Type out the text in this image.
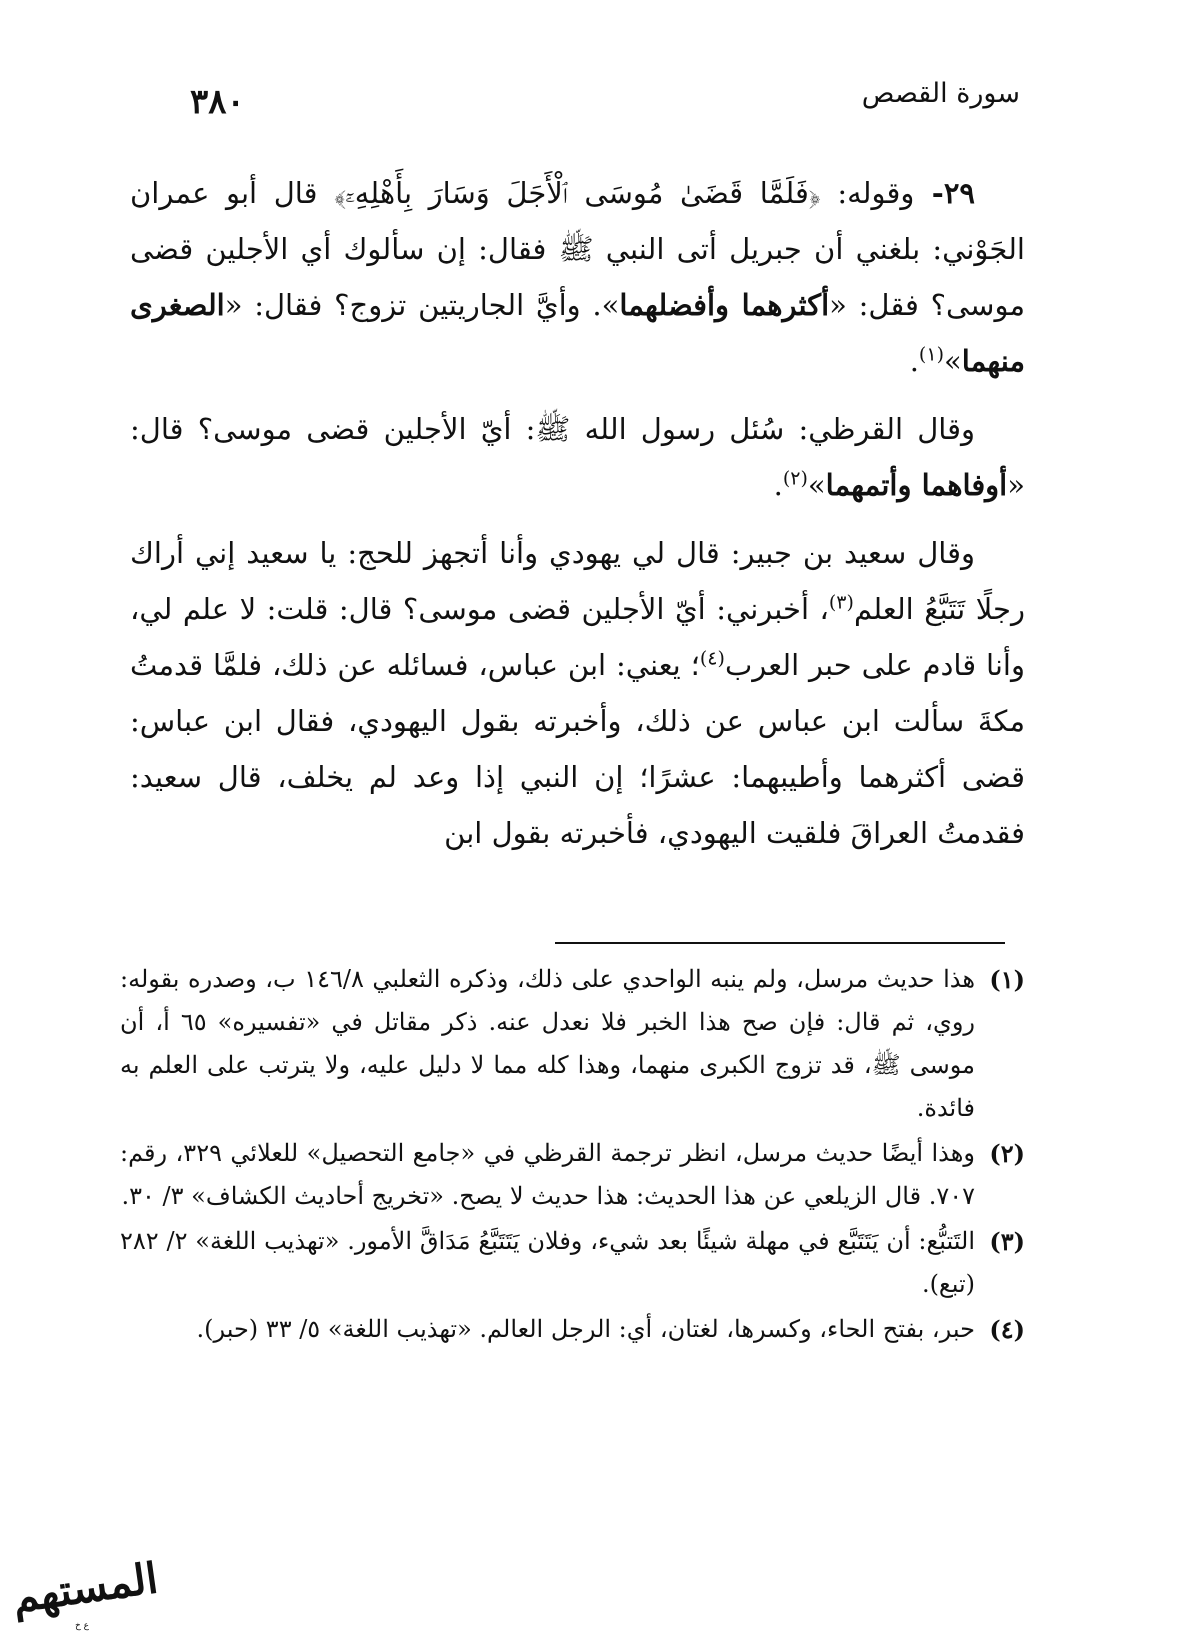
سورة القصص
٣٨٠

٢٩- وقوله: ﴿فَلَمَّا قَضَىٰ مُوسَى ٱلْأَجَلَ وَسَارَ بِأَهْلِهِۦٓ﴾ قال أبو عمران الجَوْني: بلغني أن جبريل أتى النبي ﷺ فقال: إن سألوك أي الأجلين قضى موسى؟ فقل: «أكثرهما وأفضلهما». وأيَّ الجاريتين تزوج؟ فقال: «الصغرى منهما»$^{(١)}$.

وقال القرظي: سُئل رسول الله ﷺ: أيّ الأجلين قضى موسى؟ قال: «أوفاهما وأتمهما»$^{(٢)}$.

وقال سعيد بن جبير: قال لي يهودي وأنا أتجهز للحج: يا سعيد إني أراك رجلًا تَتَبَّعُ العلم$^{(٣)}$، أخبرني: أيّ الأجلين قضى موسى؟ قال: قلت: لا علم لي، وأنا قادم على حبر العرب$^{(٤)}$؛ يعني: ابن عباس، فسائله عن ذلك، فلمَّا قدمتُ مكةَ سألت ابن عباس عن ذلك، وأخبرته بقول اليهودي، فقال ابن عباس: قضى أكثرهما وأطيبهما: عشرًا؛ إن النبي إذا وعد لم يخلف، قال سعيد: فقدمتُ العراقَ فلقيت اليهودي، فأخبرته بقول ابن

(١)
هذا حديث مرسل، ولم ينبه الواحدي على ذلك، وذكره الثعلبي ١٤٦/٨ ب، وصدره بقوله: روي، ثم قال: فإن صح هذا الخبر فلا نعدل عنه. ذكر مقاتل في «تفسيره» ٦٥ أ، أن موسى ﷺ، قد تزوج الكبرى منهما، وهذا كله مما لا دليل عليه، ولا يترتب على العلم به فائدة.
(٢)
وهذا أيضًا حديث مرسل، انظر ترجمة القرظي في «جامع التحصيل» للعلائي ٣٢٩، رقم: ٧٠٧. قال الزيلعي عن هذا الحديث: هذا حديث لا يصح. «تخريج أحاديث الكشاف» ٣/ ٣٠.
(٣)
التَتبُّع: أن يَتَتَبَّع في مهلة شيئًا بعد شيء، وفلان يَتَتَبَّعُ مَدَاقَّ الأمور. «تهذيب اللغة» ٢/ ٢٨٢ (تبع).
(٤)
حبر، بفتح الحاء، وكسرها، لغتان، أي: الرجل العالم. «تهذيب اللغة» ٥/ ٣٣ (حبر).
المستهم
ع خ
